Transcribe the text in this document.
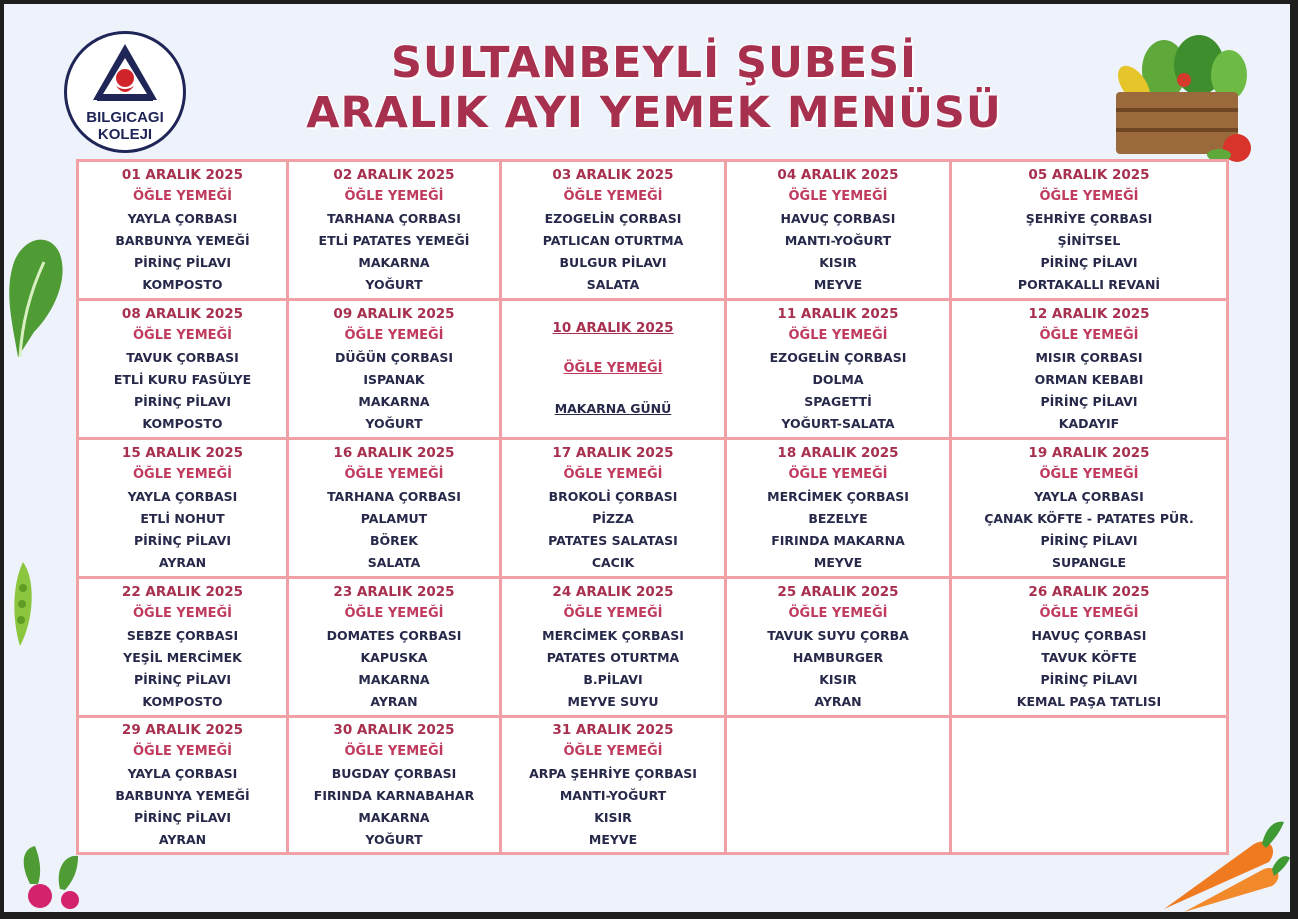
BILGICAGI
KOLEJI
SULTANBEYLİ ŞUBESİ
ARALIK AYI YEMEK MENÜSÜ
01 ARALIK 2025
ÖĞLE YEMEĞİ
YAYLA ÇORBASI
BARBUNYA YEMEĞİ
PİRİNÇ PİLAVI
KOMPOSTO
02 ARALIK 2025
ÖĞLE YEMEĞİ
TARHANA ÇORBASI
ETLİ PATATES YEMEĞİ
MAKARNA
YOĞURT
03 ARALIK 2025
ÖĞLE YEMEĞİ
EZOGELİN ÇORBASI
PATLICAN OTURTMA
BULGUR PİLAVI
SALATA
04 ARALIK 2025
ÖĞLE YEMEĞİ
HAVUÇ ÇORBASI
MANTI-YOĞURT
KISIR
MEYVE
05 ARALIK 2025
ÖĞLE YEMEĞİ
ŞEHRİYE ÇORBASI
ŞİNİTSEL
PİRİNÇ PİLAVI
PORTAKALLI REVANİ
08 ARALIK 2025
ÖĞLE YEMEĞİ
TAVUK ÇORBASI
ETLİ KURU FASÜLYE
PİRİNÇ PİLAVI
KOMPOSTO
09 ARALIK 2025
ÖĞLE YEMEĞİ
DÜĞÜN ÇORBASI
ISPANAK
MAKARNA
YOĞURT
10 ARALIK 2025
ÖĞLE YEMEĞİ
MAKARNA GÜNÜ
11 ARALIK 2025
ÖĞLE YEMEĞİ
EZOGELİN ÇORBASI
DOLMA
SPAGETTİ
YOĞURT-SALATA
12 ARALIK 2025
ÖĞLE YEMEĞİ
MISIR ÇORBASI
ORMAN KEBABI
PİRİNÇ PİLAVI
KADAYIF
15 ARALIK 2025
ÖĞLE YEMEĞİ
YAYLA ÇORBASI
ETLİ NOHUT
PİRİNÇ PİLAVI
AYRAN
16 ARALIK 2025
ÖĞLE YEMEĞİ
TARHANA ÇORBASI
PALAMUT
BÖREK
SALATA
17 ARALIK 2025
ÖĞLE YEMEĞİ
BROKOLİ ÇORBASI
PİZZA
PATATES SALATASI
CACIK
18 ARALIK 2025
ÖĞLE YEMEĞİ
MERCİMEK ÇORBASI
BEZELYE
FIRINDA MAKARNA
MEYVE
19 ARALIK 2025
ÖĞLE YEMEĞİ
YAYLA ÇORBASI
ÇANAK KÖFTE - PATATES PÜR.
PİRİNÇ PİLAVI
SUPANGLE
22 ARALIK 2025
ÖĞLE YEMEĞİ
SEBZE ÇORBASI
YEŞİL MERCİMEK
PİRİNÇ PİLAVI
KOMPOSTO
23 ARALIK 2025
ÖĞLE YEMEĞİ
DOMATES ÇORBASI
KAPUSKA
MAKARNA
AYRAN
24 ARALIK 2025
ÖĞLE YEMEĞİ
MERCİMEK ÇORBASI
PATATES OTURTMA
B.PİLAVI
MEYVE SUYU
25 ARALIK 2025
ÖĞLE YEMEĞİ
TAVUK SUYU ÇORBA
HAMBURGER
KISIR
AYRAN
26 ARALIK 2025
ÖĞLE YEMEĞİ
HAVUÇ ÇORBASI
TAVUK KÖFTE
PİRİNÇ PİLAVI
KEMAL PAŞA TATLISI
29 ARALIK 2025
ÖĞLE YEMEĞİ
YAYLA ÇORBASI
BARBUNYA YEMEĞİ
PİRİNÇ PİLAVI
AYRAN
30 ARALIK 2025
ÖĞLE YEMEĞİ
BUGDAY ÇORBASI
FIRINDA KARNABAHAR
MAKARNA
YOĞURT
31 ARALIK 2025
ÖĞLE YEMEĞİ
ARPA ŞEHRİYE ÇORBASI
MANTI-YOĞURT
KISIR
MEYVE
